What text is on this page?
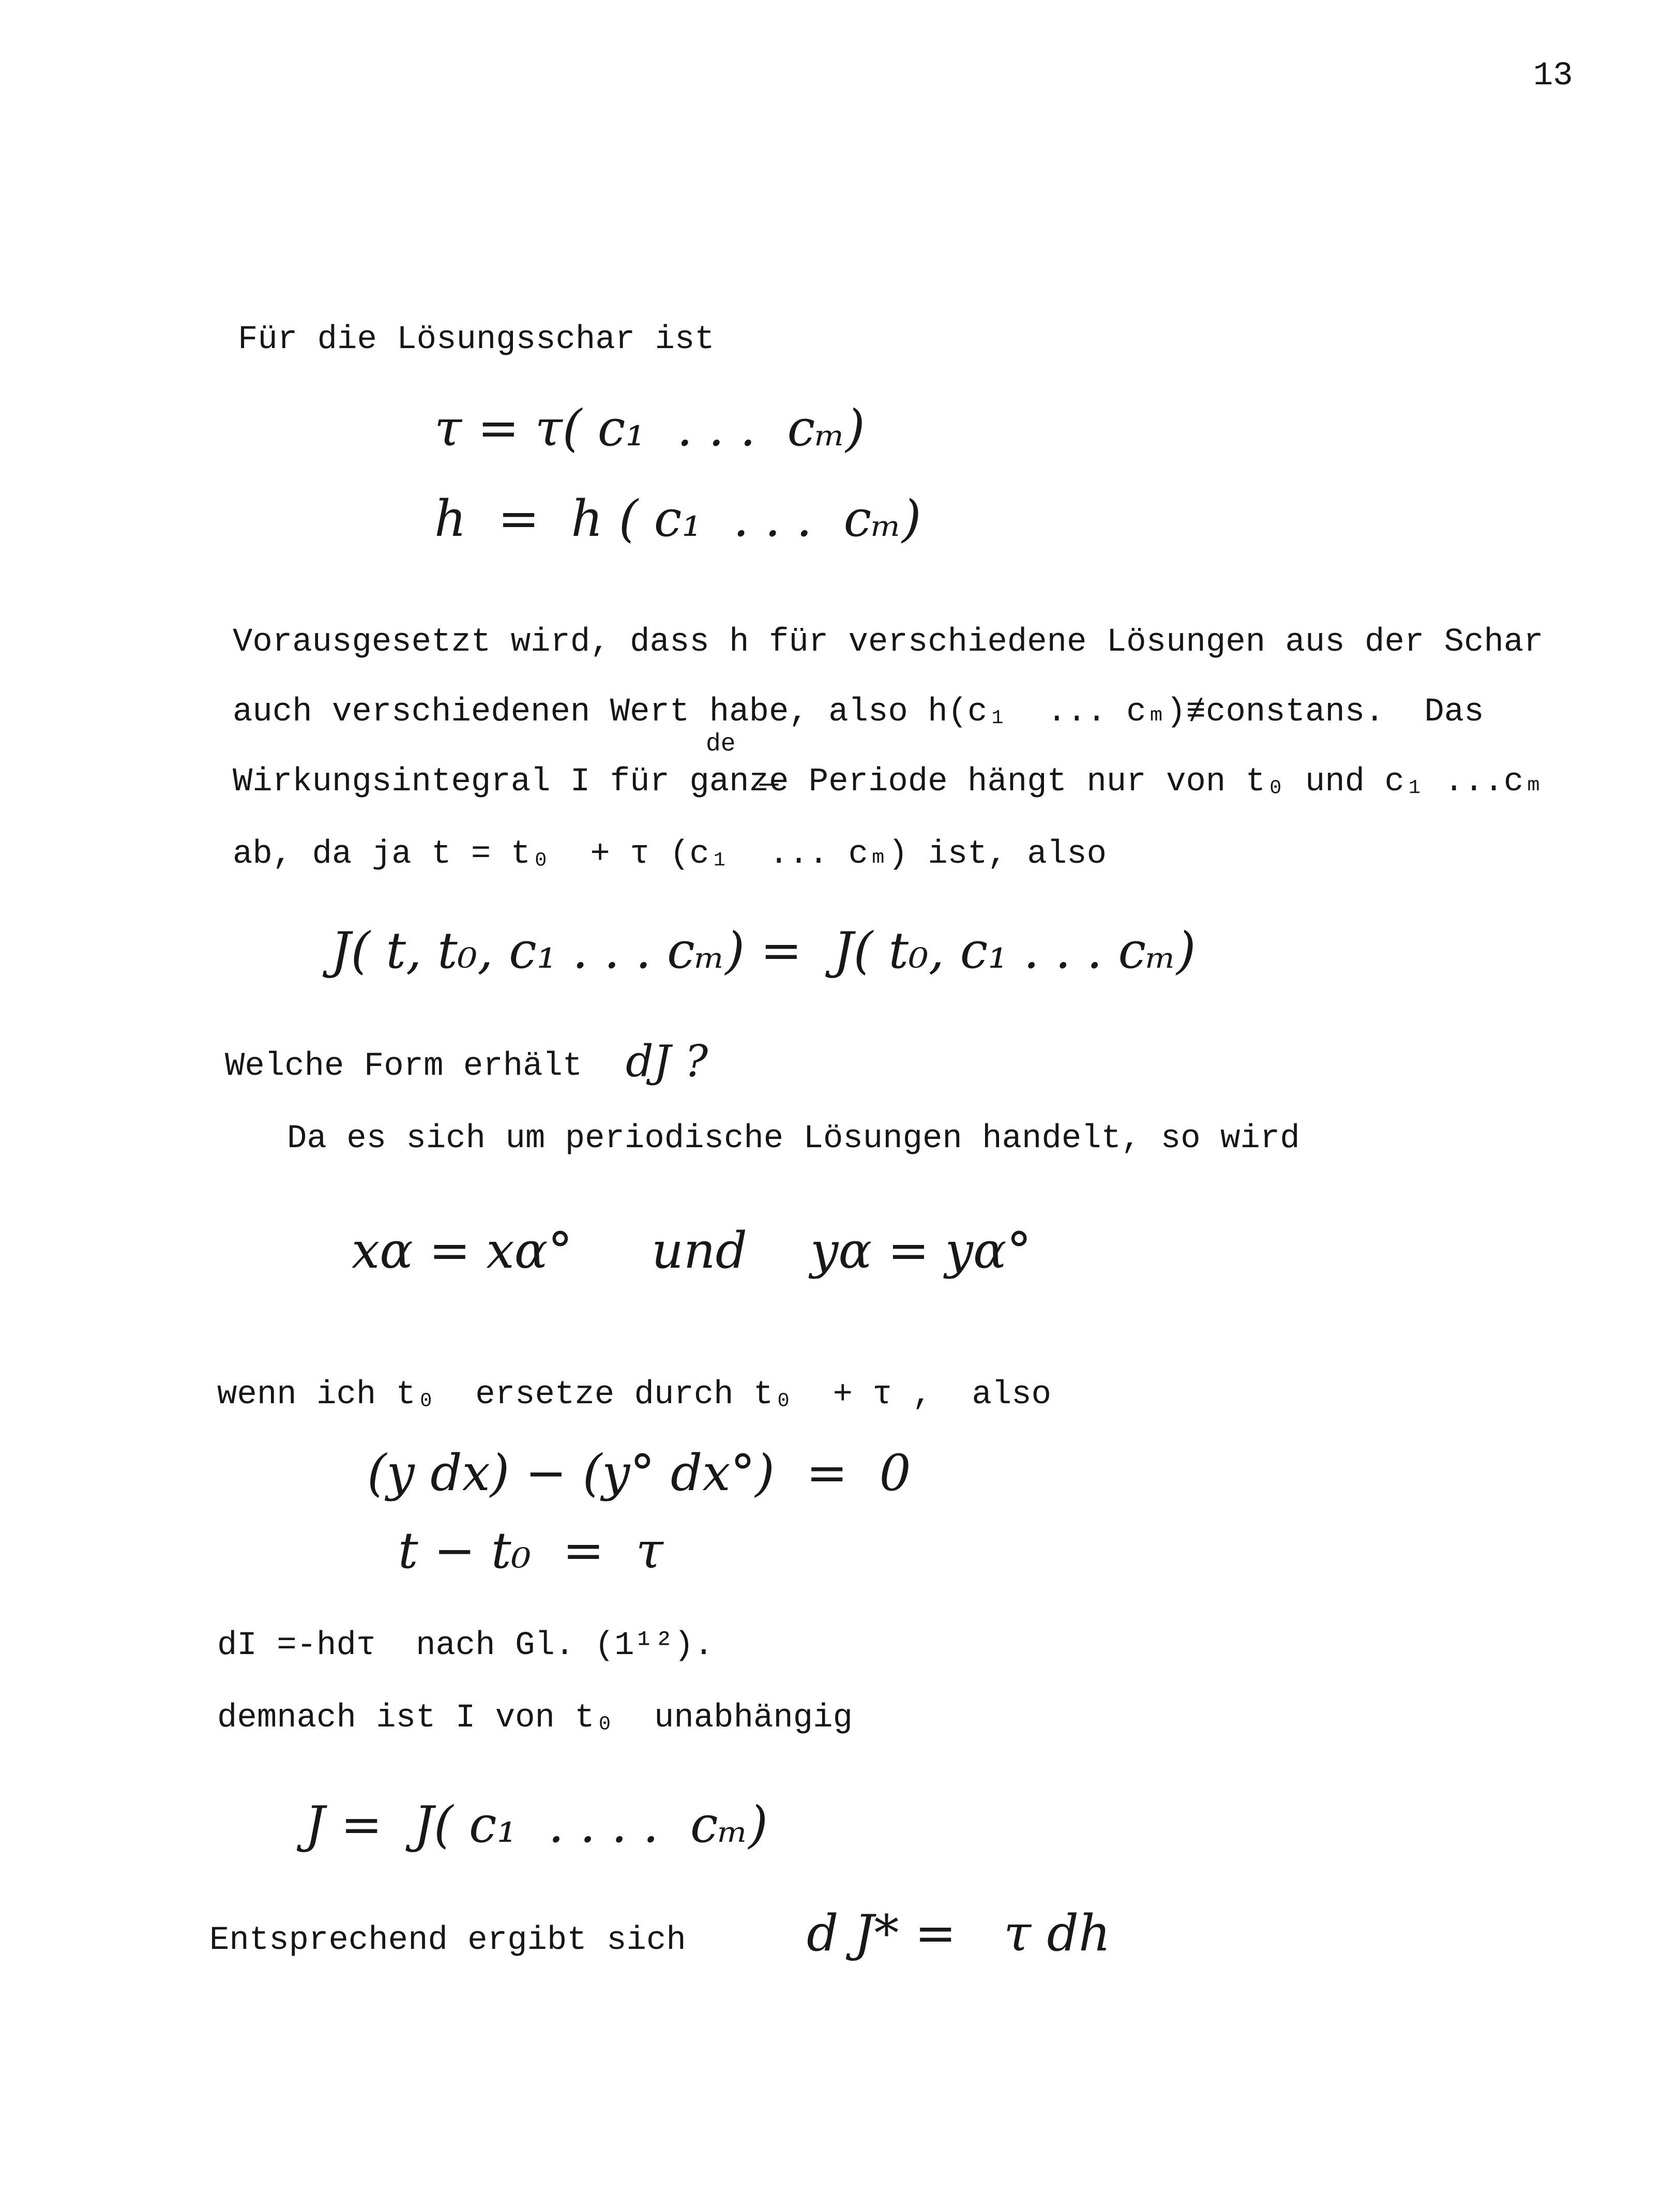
13
Für die Lösungsschar ist
τ = τ( c₁  . . .  cₘ)
h  =  h ( c₁  . . .  cₘ)
Vorausgesetzt wird, dass h für verschiedene Lösungen aus der Schar
auch verschiedenen Wert habe, also h(c₁  ... cₘ)≢constans.  Das
de
Wirkungsintegral I für ganz̶e Periode hängt nur von t₀ und c₁ ...cₘ
ab, da ja t = t₀  + τ (c₁  ... cₘ) ist, also
J( t, t₀, c₁ . . . cₘ) =  J( t₀, c₁ . . . cₘ)
Welche Form erhält dJ ?
Da es sich um periodische Lösungen handelt, so wird
xα = xα°     und    yα = yα°
wenn ich t₀  ersetze durch t₀  + τ ,  also
(y dx) − (y° dx°)  =  0
t − t₀  =  τ
dI =-hdτ  nach Gl. (1¹²).
demnach ist I von t₀  unabhängig
J =  J( c₁  . . . .  cₘ)
Entsprechend ergibt sich d J* =   τ dh
